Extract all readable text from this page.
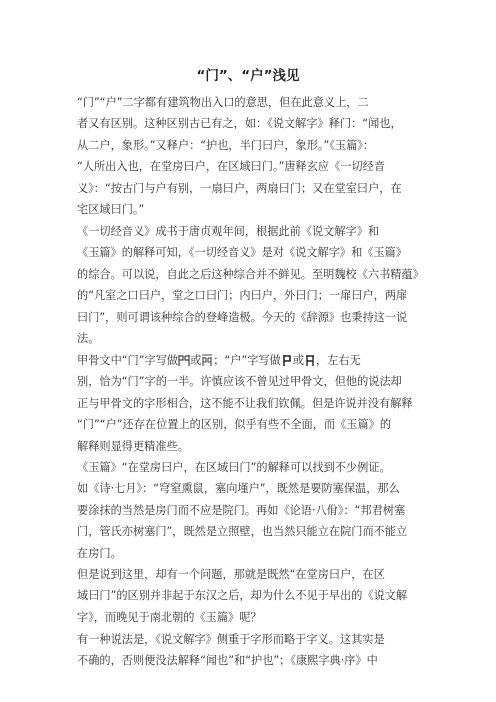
“门”、“户”浅见
“门”“户”二字都有建筑物出入口的意思，但在此意义上，二
者又有区别。这种区别古已有之，如：《说文解字》释门：“闻也，
从二户，象形。”又释户：“护也，半门曰户，象形。”《玉篇》：
“人所出入也，在堂房曰户，在区域曰门。”唐释玄应《一切经音
义》：“按古门与户有别，一扇曰户，两扇曰门；又在堂室曰户，在
宅区域曰门。”
《一切经音义》成书于唐贞观年间，根据此前《说文解字》和
《玉篇》的解释可知，《一切经音义》是对《说文解字》和《玉篇》
的综合。可以说，自此之后这种综合并不鲜见。至明魏校《六书精蕴》
的“凡室之口曰户，堂之口曰门；内曰户，外曰门；一扉曰户，两扉
曰门”，则可谓该种综合的登峰造极。今天的《辞源》也秉持这一说
法。
甲骨文中“门”字写做 或 ；“户”字写做 或 ，左右无
别，恰为“门”字的一半。许慎应该不曾见过甲骨文，但他的说法却
正与甲骨文的字形相合，这不能不让我们钦佩。但是许说并没有解释
“门”“户”还存在位置上的区别，似乎有些不全面，而《玉篇》的
解释则显得更精准些。
《玉篇》“在堂房曰户，在区域曰门”的解释可以找到不少例证。
如《诗·七月》：“穹窒熏鼠，塞向墐户”，既然是要防塞保温，那么
要涂抹的当然是房门而不应是院门。再如《论语·八佾》：“邦君树塞
门，管氏亦树塞门”，既然是立照壁，也当然只能立在院门而不能立
在房门。
但是说到这里，却有一个问题，那就是既然“在堂房曰户，在区
域曰门”的区别并非起于东汉之后，却为什么不见于早出的《说文解
字》，而晚见于南北朝的《玉篇》呢？
有一种说法是，《说文解字》侧重于字形而略于字义。这其实是
不确的，否则便没法解释“闻也”和“护也”；《康熙字典·序》中
